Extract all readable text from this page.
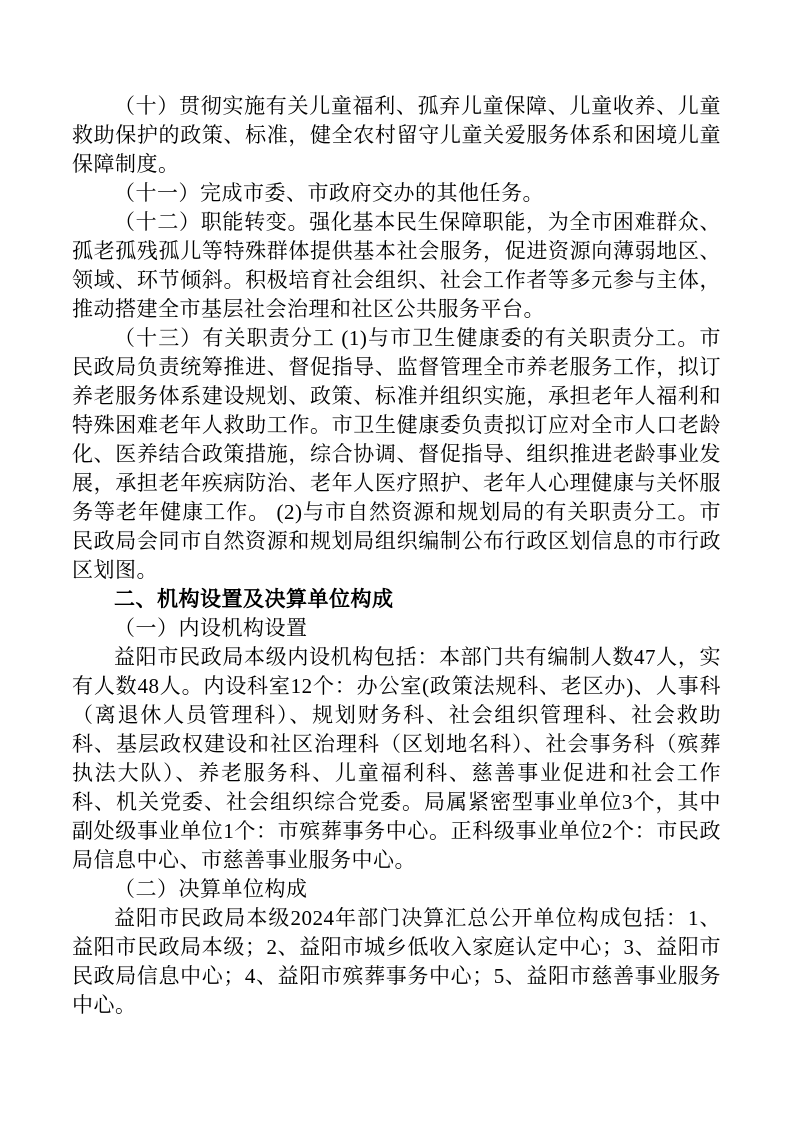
（十）贯彻实施有关儿童福利、孤弃儿童保障、儿童收养、儿童救助保护的政策、标准，健全农村留守儿童关爱服务体系和困境儿童保障制度。

（十一）完成市委、市政府交办的其他任务。

（十二）职能转变。强化基本民生保障职能，为全市困难群众、孤老孤残孤儿等特殊群体提供基本社会服务，促进资源向薄弱地区、领域、环节倾斜。积极培育社会组织、社会工作者等多元参与主体，推动搭建全市基层社会治理和社区公共服务平台。

（十三）有关职责分工 (1)与市卫生健康委的有关职责分工。市民政局负责统筹推进、督促指导、监督管理全市养老服务工作，拟订养老服务体系建设规划、政策、标准并组织实施，承担老年人福利和特殊困难老年人救助工作。市卫生健康委负责拟订应对全市人口老龄化、医养结合政策措施，综合协调、督促指导、组织推进老龄事业发展，承担老年疾病防治、老年人医疗照护、老年人心理健康与关怀服务等老年健康工作。 (2)与市自然资源和规划局的有关职责分工。市民政局会同市自然资源和规划局组织编制公布行政区划信息的市行政区划图。

二、机构设置及决算单位构成

（一）内设机构设置

益阳市民政局本级内设机构包括：本部门共有编制人数47人，实有人数48人。内设科室12个：办公室(政策法规科、老区办)、人事科（离退休人员管理科）、规划财务科、社会组织管理科、社会救助科、基层政权建设和社区治理科（区划地名科）、社会事务科（殡葬执法大队）、养老服务科、儿童福利科、慈善事业促进和社会工作科、机关党委、社会组织综合党委。局属紧密型事业单位3个，其中副处级事业单位1个：市殡葬事务中心。正科级事业单位2个：市民政局信息中心、市慈善事业服务中心。

（二）决算单位构成

益阳市民政局本级2024年部门决算汇总公开单位构成包括：1、益阳市民政局本级；2、益阳市城乡低收入家庭认定中心；3、益阳市民政局信息中心；4、益阳市殡葬事务中心；5、益阳市慈善事业服务中心。
